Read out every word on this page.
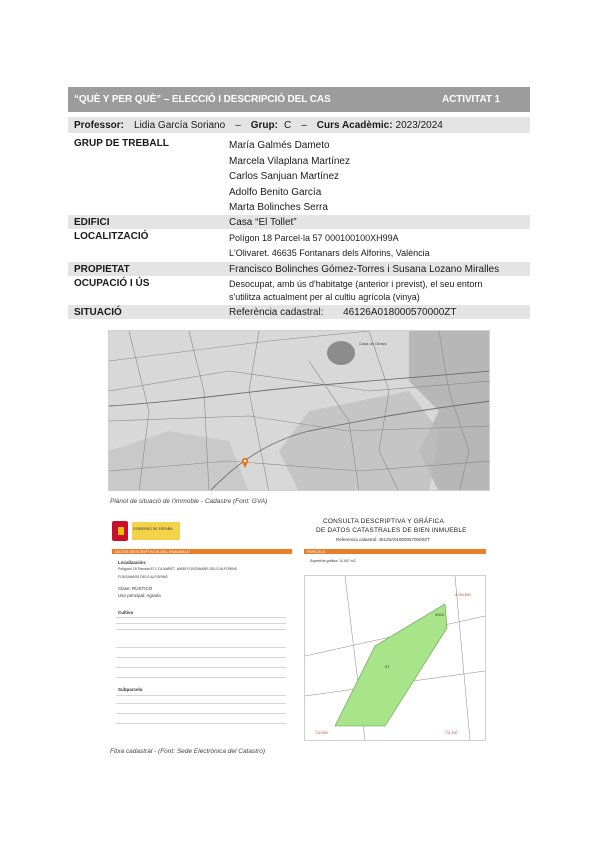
“QUÈ Y PER QUÈ” – ELECCIÓ I DESCRIPCIÓ DEL CAS	ACTIVITAT 1
Professor: Lidia García Soriano – Grup: C – Curs Acadèmic: 2023/2024
GRUP DE TREBALL	María Galmés Dameto
Marcela Vilaplana Martínez
Carlos Sanjuan Martínez
Adolfo Benito García
Marta Bolinches Serra
EDIFICI	Casa “El Tollet”
LOCALITZACIÓ	Polígon 18 Parcel·la 57 000100100XH99A
L'Olivaret. 46635 Fontanars dels Alforins, València
PROPIETAT	Francisco Bolinches Gómez-Torres i Susana Lozano Miralles
OCUPACIÓ I ÚS	Desocupat, amb ús d'habitatge (anterior i previst), el seu entorn
s'utilitza actualment per al cultiu agrícola (vinya)
SITUACIÓ	Referència cadastral: 46126A018000570000ZT
Casa de l'Ansis
Plànol de situació de l'immoble - Cadastre (Font: GVA)
GOBIERNO DE ESPAÑA
CONSULTA DESCRIPTIVA Y GRÁFICA
DE DATOS CATASTRALES DE BIEN INMUEBLE
Referencia catastral: 46126A018000570000ZT
DATOS DESCRIPTIVOS DEL INMUEBLE
Localización:
Polígono 18 Parcela 57 L'OLIVARET. 46635 FONTANARS DELS ALFORINS
FONTANARS DELS ALFORINS
Clase: RÚSTICO
Uso principal: Agrario
Cultivo
Subparcela
PARCELA
Superficie gráfica: 14.947 m2
57
9004
710.900	711.100
4.294.600
Fitxa cadastral - (Font: Sede Electrònica del Catastro)
